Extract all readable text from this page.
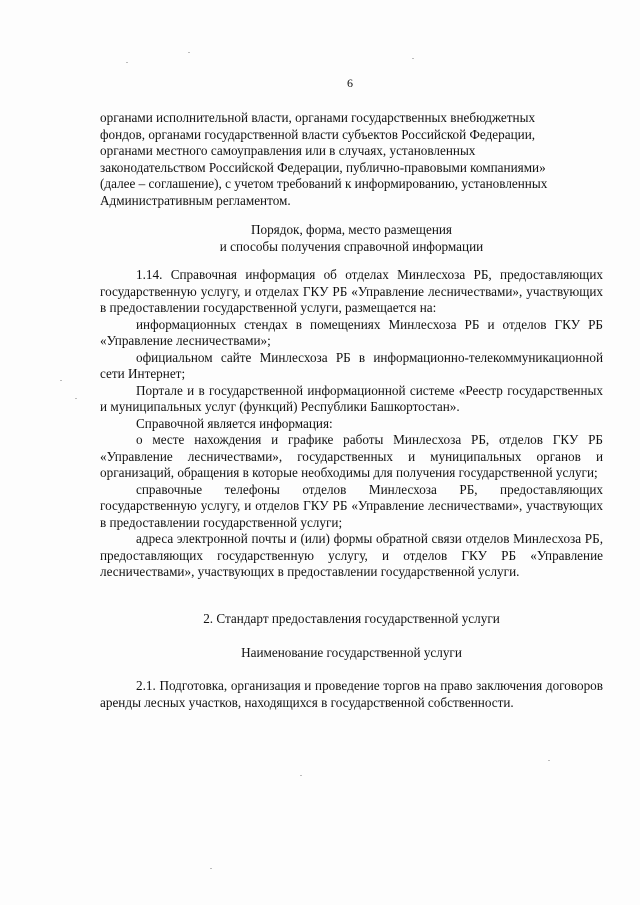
6

органами исполнительной власти, органами государственных внебюджетных

фондов, органами государственной власти субъектов Российской Федерации,

органами местного самоуправления или в случаях, установленных

законодательством Российской Федерации, публично-правовыми компаниями»

(далее – соглашение), с учетом требований к информированию, установленных

Административным регламентом.

Порядок, форма, место размещения

и способы получения справочной информации

1.14. Справочная информация об отделах Минлесхоза РБ, предоставляющих государственную услугу, и отделах ГКУ РБ «Управление лесничествами», участвующих в предоставлении государственной услуги, размещается на:

информационных стендах в помещениях Минлесхоза РБ и отделов ГКУ РБ «Управление лесничествами»;

официальном сайте Минлесхоза РБ в информационно-телекоммуникационной сети Интернет;

Портале и в государственной информационной системе «Реестр государственных и муниципальных услуг (функций) Республики Башкортостан».

Справочной является информация:

о месте нахождения и графике работы Минлесхоза РБ, отделов ГКУ РБ «Управление лесничествами», государственных и муниципальных органов и организаций, обращения в которые необходимы для получения государственной услуги;

справочные телефоны отделов Минлесхоза РБ, предоставляющих государственную услугу, и отделов ГКУ РБ «Управление лесничествами», участвующих в предоставлении государственной услуги;

адреса электронной почты и (или) формы обратной связи отделов Минлесхоза РБ, предоставляющих государственную услугу, и отделов ГКУ РБ «Управление лесничествами», участвующих в предоставлении государственной услуги.

2. Стандарт предоставления государственной услуги

Наименование государственной услуги

2.1. Подготовка, организация и проведение торгов на право заключения договоров аренды лесных участков, находящихся в государственной собственности.
